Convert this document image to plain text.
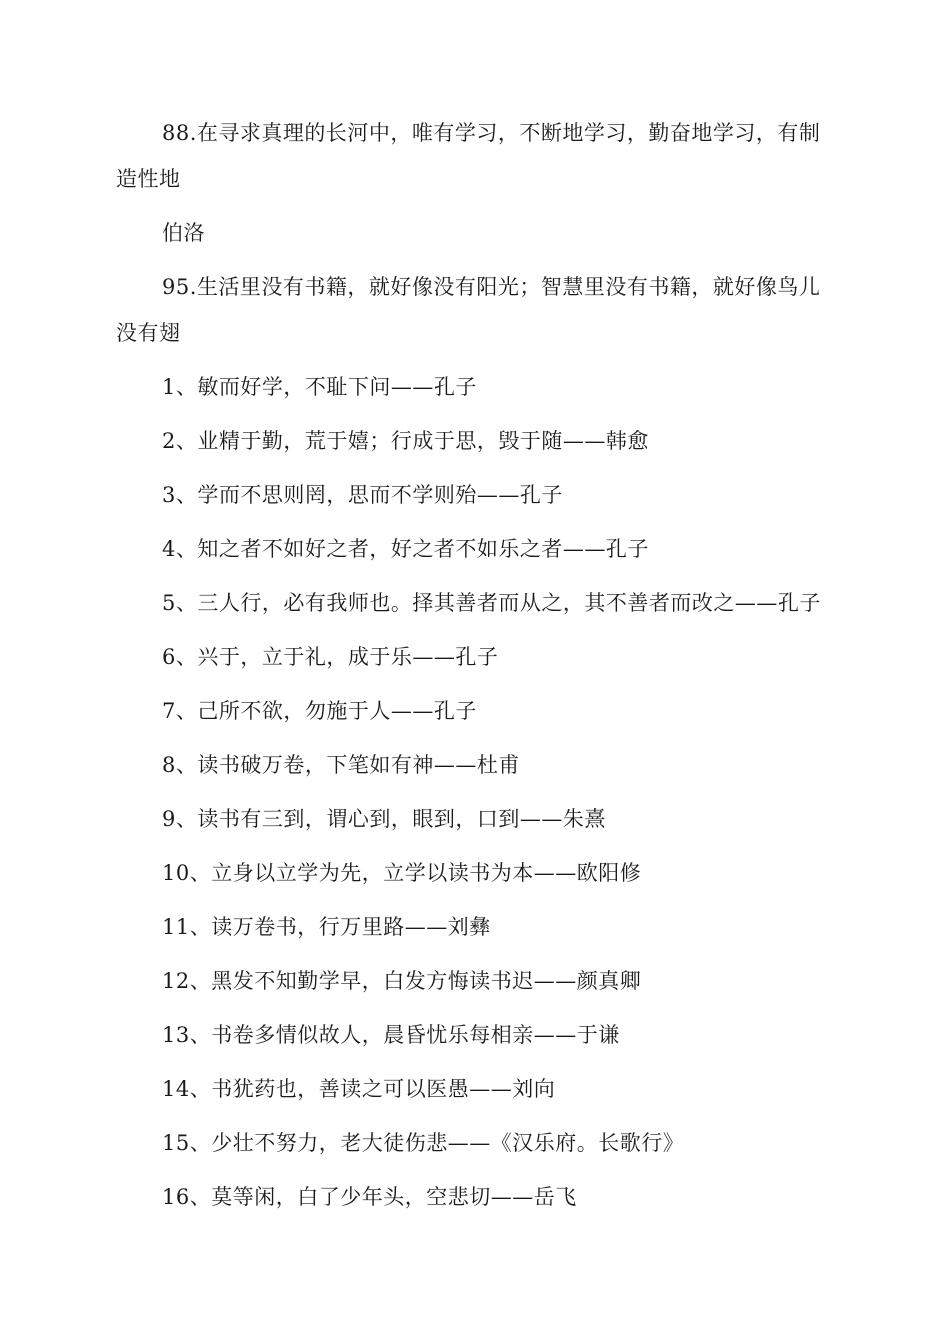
88.在寻求真理的长河中，唯有学习，不断地学习，勤奋地学习，有制造性地

伯洛

95.生活里没有书籍，就好像没有阳光；智慧里没有书籍，就好像鸟儿没有翅

1、敏而好学，不耻下问——孔子

2、业精于勤，荒于嬉；行成于思，毁于随——韩愈

3、学而不思则罔，思而不学则殆——孔子

4、知之者不如好之者，好之者不如乐之者——孔子

5、三人行，必有我师也。择其善者而从之，其不善者而改之——孔子

6、兴于，立于礼，成于乐——孔子

7、己所不欲，勿施于人——孔子

8、读书破万卷，下笔如有神——杜甫

9、读书有三到，谓心到，眼到，口到——朱熹

10、立身以立学为先，立学以读书为本——欧阳修

11、读万卷书，行万里路——刘彝

12、黑发不知勤学早，白发方悔读书迟——颜真卿

13、书卷多情似故人，晨昏忧乐每相亲——于谦

14、书犹药也，善读之可以医愚——刘向

15、少壮不努力，老大徒伤悲——《汉乐府。长歌行》

16、莫等闲，白了少年头，空悲切——岳飞
